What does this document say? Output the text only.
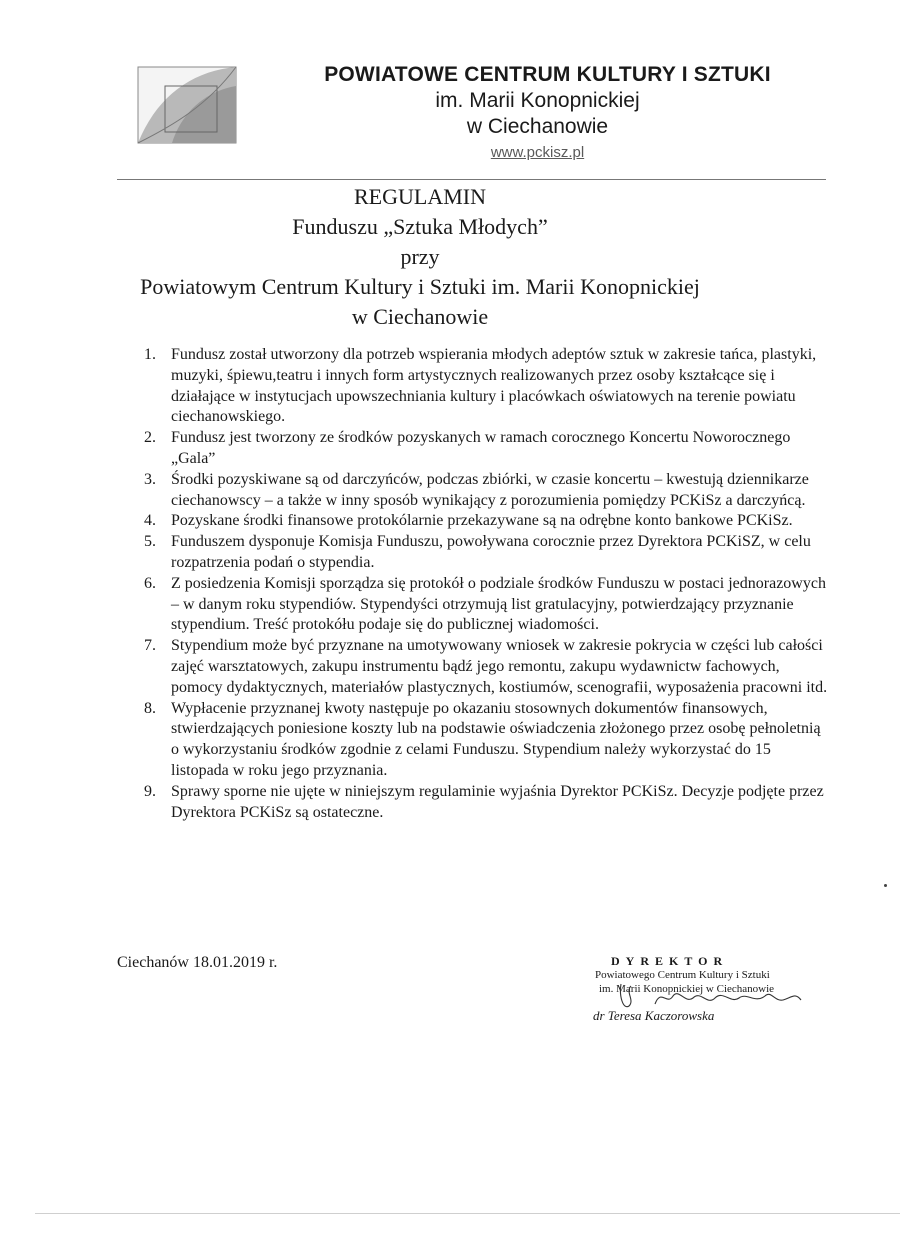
POWIATOWE CENTRUM KULTURY I SZTUKI
im. Marii Konopnickiej
w Ciechanowie
www.pckisz.pl
REGULAMIN
Funduszu „Sztuka Młodych”
przy
Powiatowym Centrum Kultury i Sztuki im. Marii Konopnickiej
w Ciechanowie
1. Fundusz został utworzony dla potrzeb wspierania młodych adeptów sztuk w zakresie tańca, plastyki, muzyki, śpiewu,teatru i innych form artystycznych realizowanych przez osoby kształcące się i działające w instytucjach upowszechniania kultury i placówkach oświatowych na terenie powiatu ciechanowskiego.
2. Fundusz jest tworzony ze środków pozyskanych w ramach corocznego Koncertu Noworocznego „Gala”
3. Środki pozyskiwane są od darczyńców, podczas zbiórki, w czasie koncertu – kwestują dziennikarze ciechanowscy – a także w inny sposób wynikający z porozumienia pomiędzy PCKiSz a darczyńcą.
4. Pozyskane środki finansowe protokólarnie przekazywane są na odrębne konto bankowe PCKiSz.
5. Funduszem dysponuje Komisja Funduszu, powoływana corocznie przez Dyrektora PCKiSZ, w celu rozpatrzenia podań o stypendia.
6. Z posiedzenia Komisji sporządza się protokół o podziale środków Funduszu w postaci jednorazowych – w danym roku stypendiów. Stypendyści otrzymują list gratulacyjny, potwierdzający przyznanie stypendium. Treść protokółu podaje się do publicznej wiadomości.
7. Stypendium może być przyznane na umotywowany wniosek w zakresie pokrycia w części lub całości zajęć warsztatowych, zakupu instrumentu bądź jego remontu, zakupu wydawnictw fachowych, pomocy dydaktycznych, materiałów plastycznych, kostiumów, scenografii, wyposażenia pracowni itd.
8. Wypłacenie przyznanej kwoty następuje po okazaniu stosownych dokumentów finansowych, stwierdzających poniesione koszty lub na podstawie oświadczenia złożonego przez osobę pełnoletnią o wykorzystaniu środków zgodnie z celami Funduszu. Stypendium należy wykorzystać do 15 listopada w roku jego przyznania.
9. Sprawy sporne nie ujęte w niniejszym regulaminie wyjaśnia Dyrektor PCKiSz. Decyzje podjęte przez Dyrektora PCKiSz są ostateczne.
Ciechanów 18.01.2019 r.	DYREKTOR
Powiatowego Centrum Kultury i Sztuki
im. Marii Konopnickiej w Ciechanowie
dr Teresa Kaczorowska
